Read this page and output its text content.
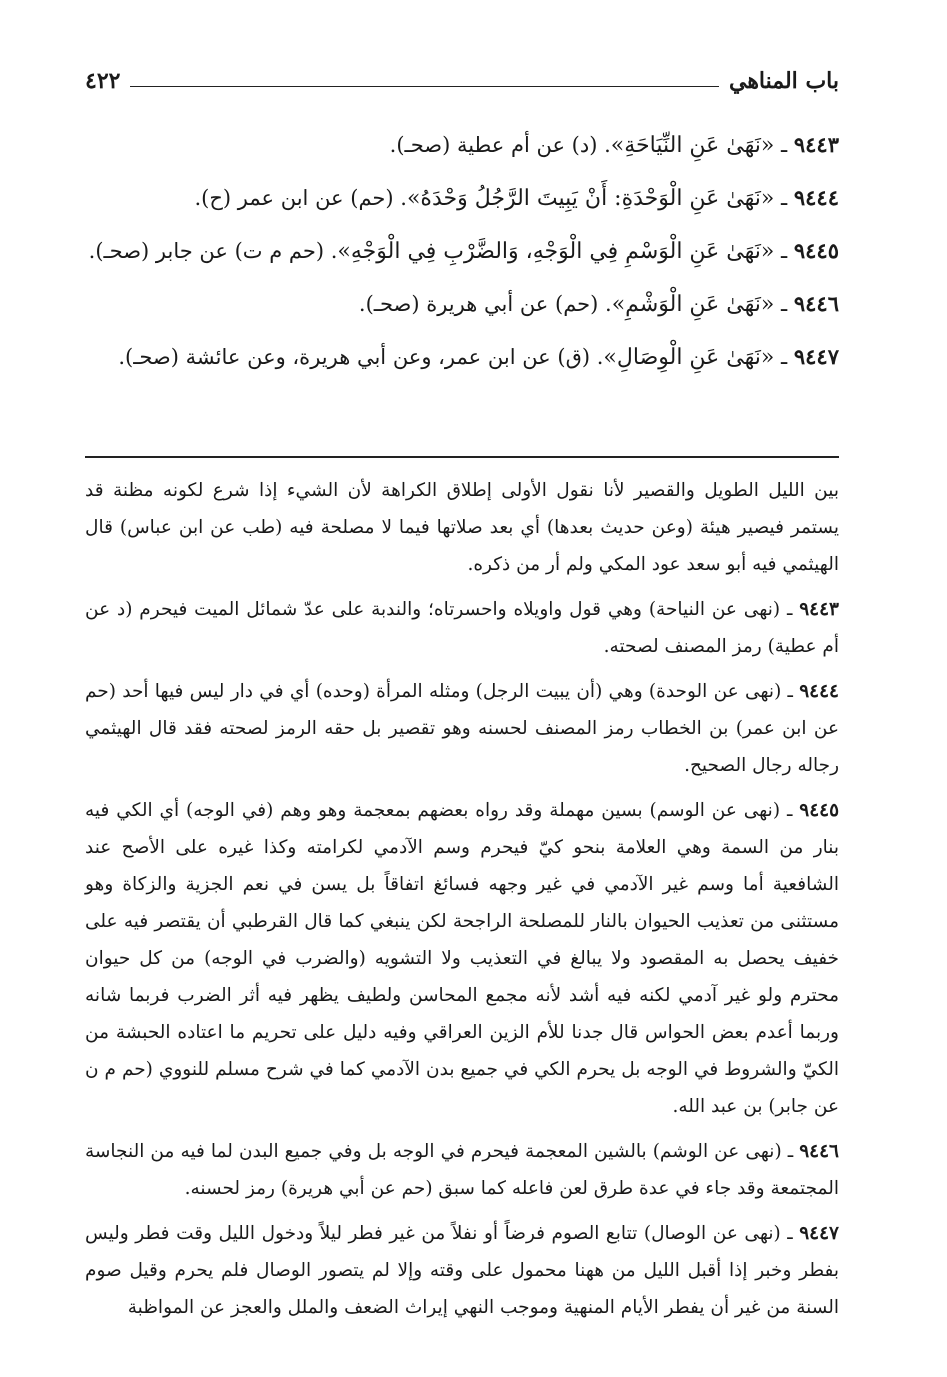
باب المناهي
٤٢٢

٩٤٤٣ ـ «نَهَىٰ عَنِ النِّيَاحَةِ». (د) عن أم عطية (صحـ).

٩٤٤٤ ـ «نَهَىٰ عَنِ الْوَحْدَةِ: أَنْ يَبِيتَ الرَّجُلُ وَحْدَهُ». (حم) عن ابن عمر (ح).

٩٤٤٥ ـ «نَهَىٰ عَنِ الْوَسْمِ فِي الْوَجْهِ، وَالضَّرْبِ فِي الْوَجْهِ». (حم م ت) عن جابر (صحـ).

٩٤٤٦ ـ «نَهَىٰ عَنِ الْوَشْمِ». (حم) عن أبي هريرة (صحـ).

٩٤٤٧ ـ «نَهَىٰ عَنِ الْوِصَالِ». (ق) عن ابن عمر، وعن أبي هريرة، وعن عائشة (صحـ).

بين الليل الطويل والقصير لأنا نقول الأولى إطلاق الكراهة لأن الشيء إذا شرع لكونه مظنة قد يستمر فيصير هيئة (وعن حديث بعدها) أي بعد صلاتها فيما لا مصلحة فيه (طب عن ابن عباس) قال الهيثمي فيه أبو سعد عود المكي ولم أر من ذكره.

٩٤٤٣ ـ (نهى عن النياحة) وهي قول واويلاه واحسرتاه؛ والندبة على عدّ شمائل الميت فيحرم (د عن أم عطية) رمز المصنف لصحته.

٩٤٤٤ ـ (نهى عن الوحدة) وهي (أن يبيت الرجل) ومثله المرأة (وحده) أي في دار ليس فيها أحد (حم عن ابن عمر) بن الخطاب رمز المصنف لحسنه وهو تقصير بل حقه الرمز لصحته فقد قال الهيثمي رجاله رجال الصحيح.

٩٤٤٥ ـ (نهى عن الوسم) بسين مهملة وقد رواه بعضهم بمعجمة وهو وهم (في الوجه) أي الكي فيه بنار من السمة وهي العلامة بنحو كيّ فيحرم وسم الآدمي لكرامته وكذا غيره على الأصح عند الشافعية أما وسم غير الآدمي في غير وجهه فسائغ اتفاقاً بل يسن في نعم الجزية والزكاة وهو مستثنى من تعذيب الحيوان بالنار للمصلحة الراجحة لكن ينبغي كما قال القرطبي أن يقتصر فيه على خفيف يحصل به المقصود ولا يبالغ في التعذيب ولا التشويه (والضرب في الوجه) من كل حيوان محترم ولو غير آدمي لكنه فيه أشد لأنه مجمع المحاسن ولطيف يظهر فيه أثر الضرب فربما شانه وربما أعدم بعض الحواس قال جدنا للأم الزين العراقي وفيه دليل على تحريم ما اعتاده الحبشة من الكيّ والشروط في الوجه بل يحرم الكي في جميع بدن الآدمي كما في شرح مسلم للنووي (حم م ن عن جابر) بن عبد الله.

٩٤٤٦ ـ (نهى عن الوشم) بالشين المعجمة فيحرم في الوجه بل وفي جميع البدن لما فيه من النجاسة المجتمعة وقد جاء في عدة طرق لعن فاعله كما سبق (حم عن أبي هريرة) رمز لحسنه.

٩٤٤٧ ـ (نهى عن الوصال) تتابع الصوم فرضاً أو نفلاً من غير فطر ليلاً ودخول الليل وقت فطر وليس بفطر وخبر إذا أقبل الليل من ههنا محمول على وقته وإلا لم يتصور الوصال فلم يحرم وقيل صوم السنة من غير أن يفطر الأيام المنهية وموجب النهي إيراث الضعف والملل والعجز عن المواظبة
